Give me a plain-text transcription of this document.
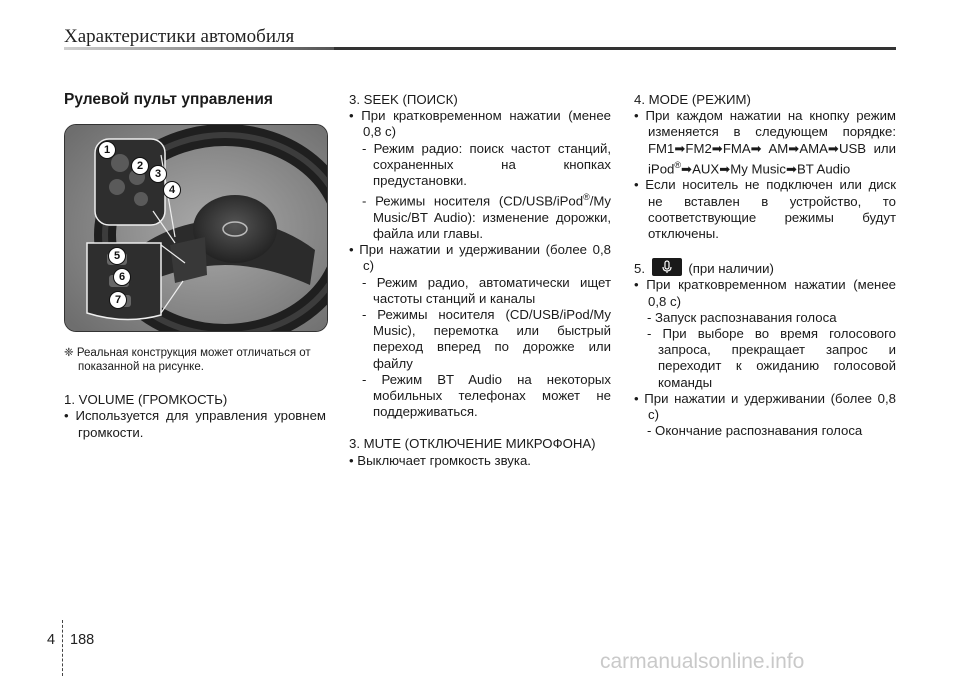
Характеристики автомобиля
Рулевой пульт управления
1
2
3
4
5
6
7

❈ Реальная конструкция может отличаться от показанной на рисунке.

1. VOLUME (ГРОМКОСТЬ)

• Используется для управления уровнем громкости.

3. SEEK (ПОИСК)

• При кратковременном нажатии (менее 0,8 с)

- Режим радио: поиск частот станций, сохраненных на кнопках предустановки.

- Режимы носителя (CD/USB/iPod®/My Music/BT Audio): изменение дорожки, файла или главы.

• При нажатии и удерживании (более 0,8 с)

- Режим радио, автоматически ищет частоты станций и каналы

- Режимы носителя (CD/USB/iPod/My Music), перемотка или быстрый переход вперед по дорожке или файлу

- Режим BT Audio на некоторых мобильных телефонах может не поддерживаться.

3. MUTE (ОТКЛЮЧЕНИЕ МИКРОФОНА)

• Выключает громкость звука.

4. MODE (РЕЖИМ)

• При каждом нажатии на кнопку режим изменяется в следующем порядке: FM1➡FM2➡FMA➡ AM➡AMA➡USB или iPod®➡AUX➡My Music➡BT Audio

• Если носитель не подключен или диск не вставлен в устройство, то соответствующие режимы будут отключены.

5.	(при наличии)

• При кратковременном нажатии (менее 0,8 с)

- Запуск распознавания голоса

- При выборе во время голосового запроса, прекращает запрос и переходит к ожиданию голосовой команды

• При нажатии и удерживании (более 0,8 с)

- Окончание распознавания голоса

4 188
carmanualsonline.info
